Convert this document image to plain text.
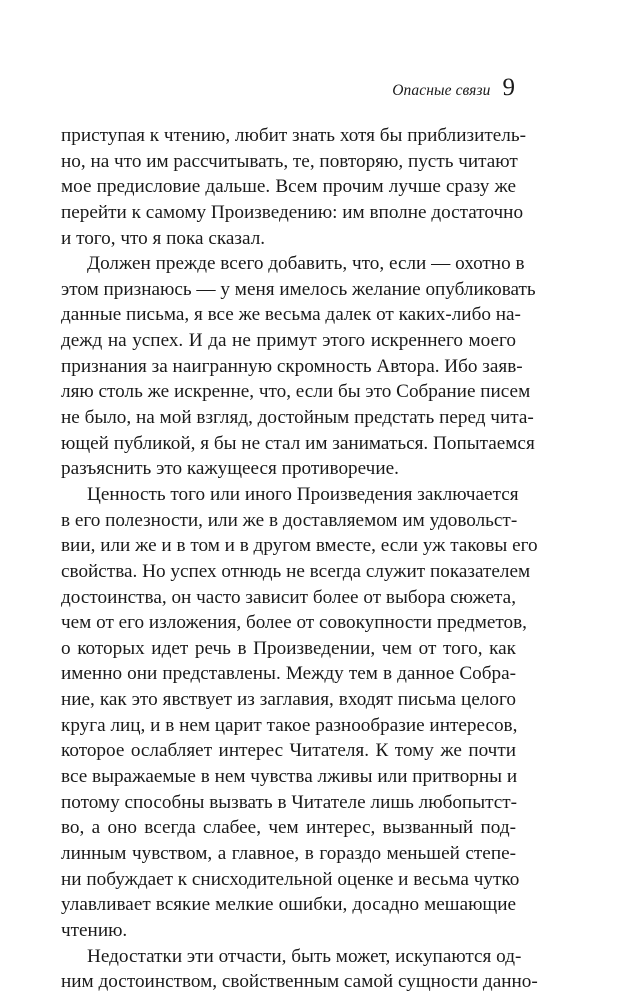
Опасные связи 9
приступая к чтению, любит знать хотя бы приблизитель-
но, на что им рассчитывать, те, повторяю, пусть читают
мое предисловие дальше. Всем прочим лучше сразу же
перейти к самому Произведению: им вполне достаточно
и того, что я пока сказал.
Должен прежде всего добавить, что, если — охотно в
этом признаюсь — у меня имелось желание опубликовать
данные письма, я все же весьма далек от каких-либо на-
дежд на успех. И да не примут этого искреннего моего
признания за наигранную скромность Автора. Ибо заяв-
ляю столь же искренне, что, если бы это Собрание писем
не было, на мой взгляд, достойным предстать перед чита-
ющей публикой, я бы не стал им заниматься. Попытаемся
разъяснить это кажущееся противоречие.
Ценность того или иного Произведения заключается
в его полезности, или же в доставляемом им удовольст-
вии, или же и в том и в другом вместе, если уж таковы его
свойства. Но успех отнюдь не всегда служит показателем
достоинства, он часто зависит более от выбора сюжета,
чем от его изложения, более от совокупности предметов,
о которых идет речь в Произведении, чем от того, как
именно они представлены. Между тем в данное Собра-
ние, как это явствует из заглавия, входят письма целого
круга лиц, и в нем царит такое разнообразие интересов,
которое ослабляет интерес Читателя. К тому же почти
все выражаемые в нем чувства лживы или притворны и
потому способны вызвать в Читателе лишь любопытст-
во, а оно всегда слабее, чем интерес, вызванный под-
линным чувством, а главное, в гораздо меньшей степе-
ни побуждает к снисходительной оценке и весьма чутко
улавливает всякие мелкие ошибки, досадно мешающие
чтению.
Недостатки эти отчасти, быть может, искупаются од-
ним достоинством, свойственным самой сущности данно-
